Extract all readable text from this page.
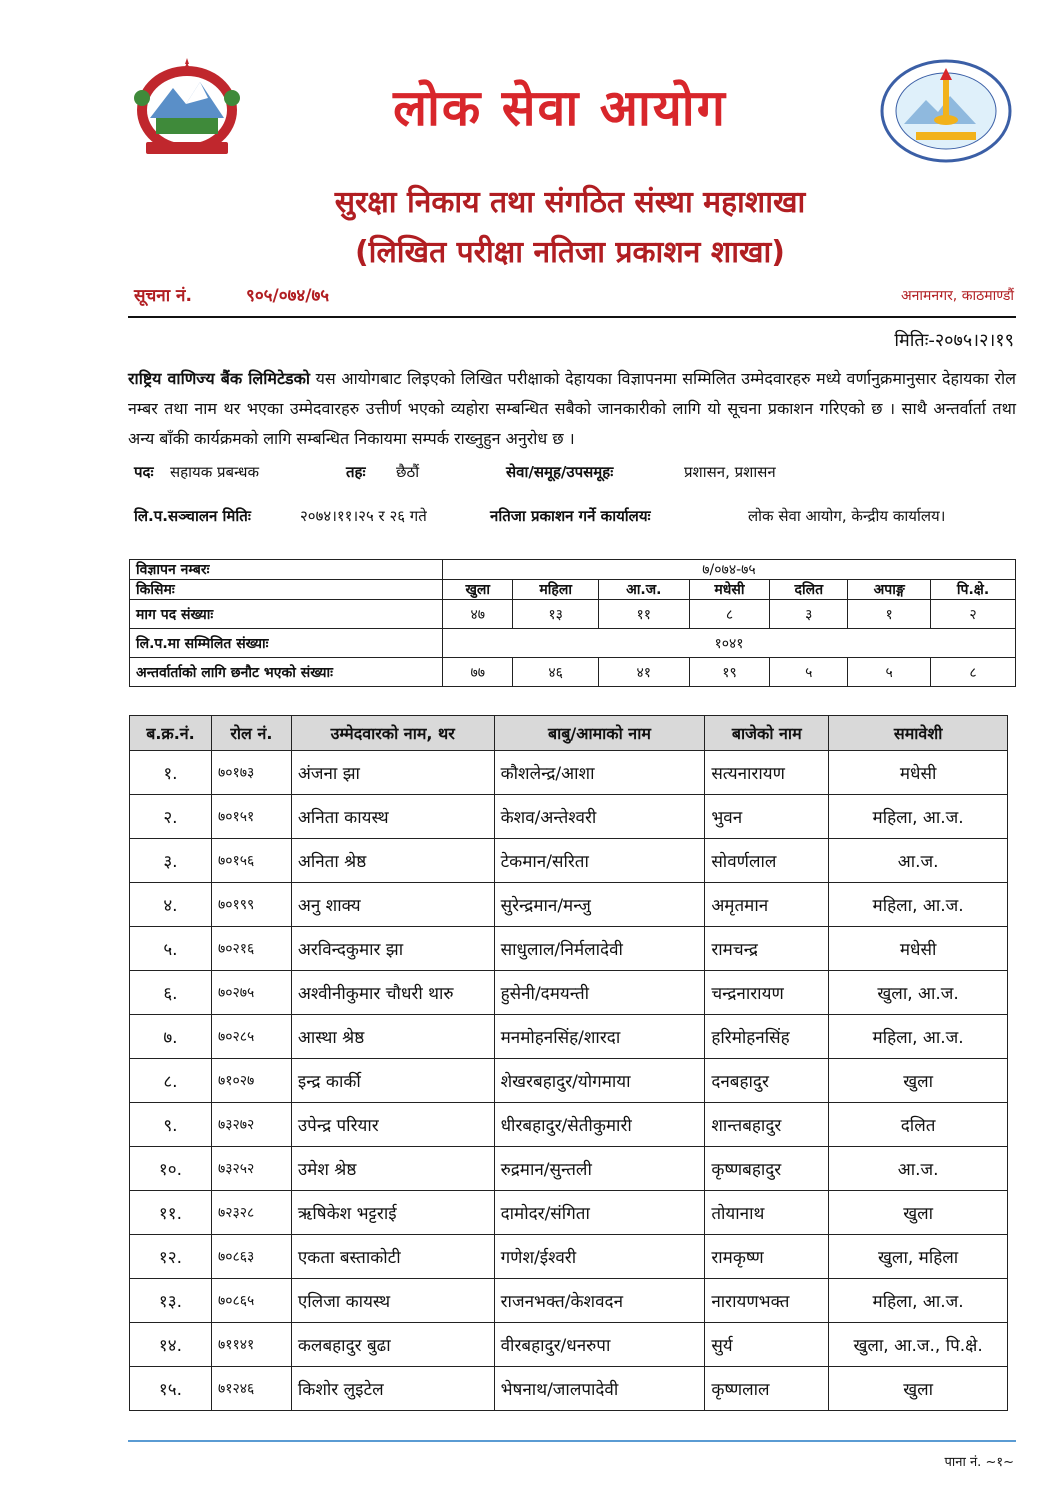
लोक सेवा आयोग
सुरक्षा निकाय तथा संगठित संस्था महाशाखा
(लिखित परीक्षा नतिजा प्रकाशन शाखा)
सूचना नं.	९०५/०७४/७५	अनामनगर, काठमाण्डौं
मितिः-२०७५।२।१९
राष्ट्रिय वाणिज्य बैंक लिमिटेडको यस आयोगबाट लिइएको लिखित परीक्षाको देहायका विज्ञापनमा सम्मिलित उम्मेदवारहरु मध्ये वर्णानुक्रमानुसार देहायका रोल नम्बर तथा नाम थर भएका उम्मेदवारहरु उत्तीर्ण भएको व्यहोरा सम्बन्धित सबैको जानकारीको लागि यो सूचना प्रकाशन गरिएको छ । साथै अन्तर्वार्ता तथा अन्य बाँकी कार्यक्रमको लागि सम्बन्धित निकायमा सम्पर्क राख्नुहुन अनुरोध छ ।
पदः सहायक प्रबन्धक	तहः छैठौं	सेवा/समूह/उपसमूहः	प्रशासन, प्रशासन
लि.प.सञ्चालन मितिः	२०७४।११।२५ र २६ गते	नतिजा प्रकाशन गर्ने कार्यालयः	लोक सेवा आयोग, केन्द्रीय कार्यालय।
विज्ञापन नम्बरः	७/०७४-७५						
किसिमः	खुला	महिला	आ.ज.	मधेसी	दलित	अपाङ्ग	पि.क्षे.
माग पद संख्याः	४७	१३	११	८	३	१	२
लि.प.मा सम्मिलित संख्याः	१०४१						
अन्तर्वार्ताको लागि छनौट भएको संख्याः	७७	४६	४१	१९	५	५	८
ब.क्र.नं.	रोल नं.	उम्मेदवारको नाम, थर	बाबु/आमाको नाम	बाजेको नाम	समावेशी
१.	७०१७३	अंजना झा	कौशलेन्द्र/आशा	सत्यनारायण	मधेसी
२.	७०१५१	अनिता कायस्थ	केशव/अन्तेश्वरी	भुवन	महिला, आ.ज.
३.	७०१५६	अनिता श्रेष्ठ	टेकमान/सरिता	सोवर्णलाल	आ.ज.
४.	७०१९९	अनु शाक्य	सुरेन्द्रमान/मन्जु	अमृतमान	महिला, आ.ज.
५.	७०२१६	अरविन्दकुमार झा	साधुलाल/निर्मलादेवी	रामचन्द्र	मधेसी
६.	७०२७५	अश्वीनीकुमार चौधरी थारु	हुसेनी/दमयन्ती	चन्द्रनारायण	खुला, आ.ज.
७.	७०२८५	आस्था श्रेष्ठ	मनमोहनसिंह/शारदा	हरिमोहनसिंह	महिला, आ.ज.
८.	७१०२७	इन्द्र कार्की	शेखरबहादुर/योगमाया	दनबहादुर	खुला
९.	७३२७२	उपेन्द्र परियार	धीरबहादुर/सेतीकुमारी	शान्तबहादुर	दलित
१०.	७३२५२	उमेश श्रेष्ठ	रुद्रमान/सुन्तली	कृष्णबहादुर	आ.ज.
११.	७२३२८	ऋषिकेश भट्टराई	दामोदर/संगिता	तोयानाथ	खुला
१२.	७०८६३	एकता बस्ताकोटी	गणेश/ईश्वरी	रामकृष्ण	खुला, महिला
१३.	७०८६५	एलिजा कायस्थ	राजनभक्त/केशवदन	नारायणभक्त	महिला, आ.ज.
१४.	७११४१	कलबहादुर बुढा	वीरबहादुर/धनरुपा	सुर्य	खुला, आ.ज., पि.क्षे.
१५.	७१२४६	किशोर लुइटेल	भेषनाथ/जालपादेवी	कृष्णलाल	खुला
पाना नं. ~१~
